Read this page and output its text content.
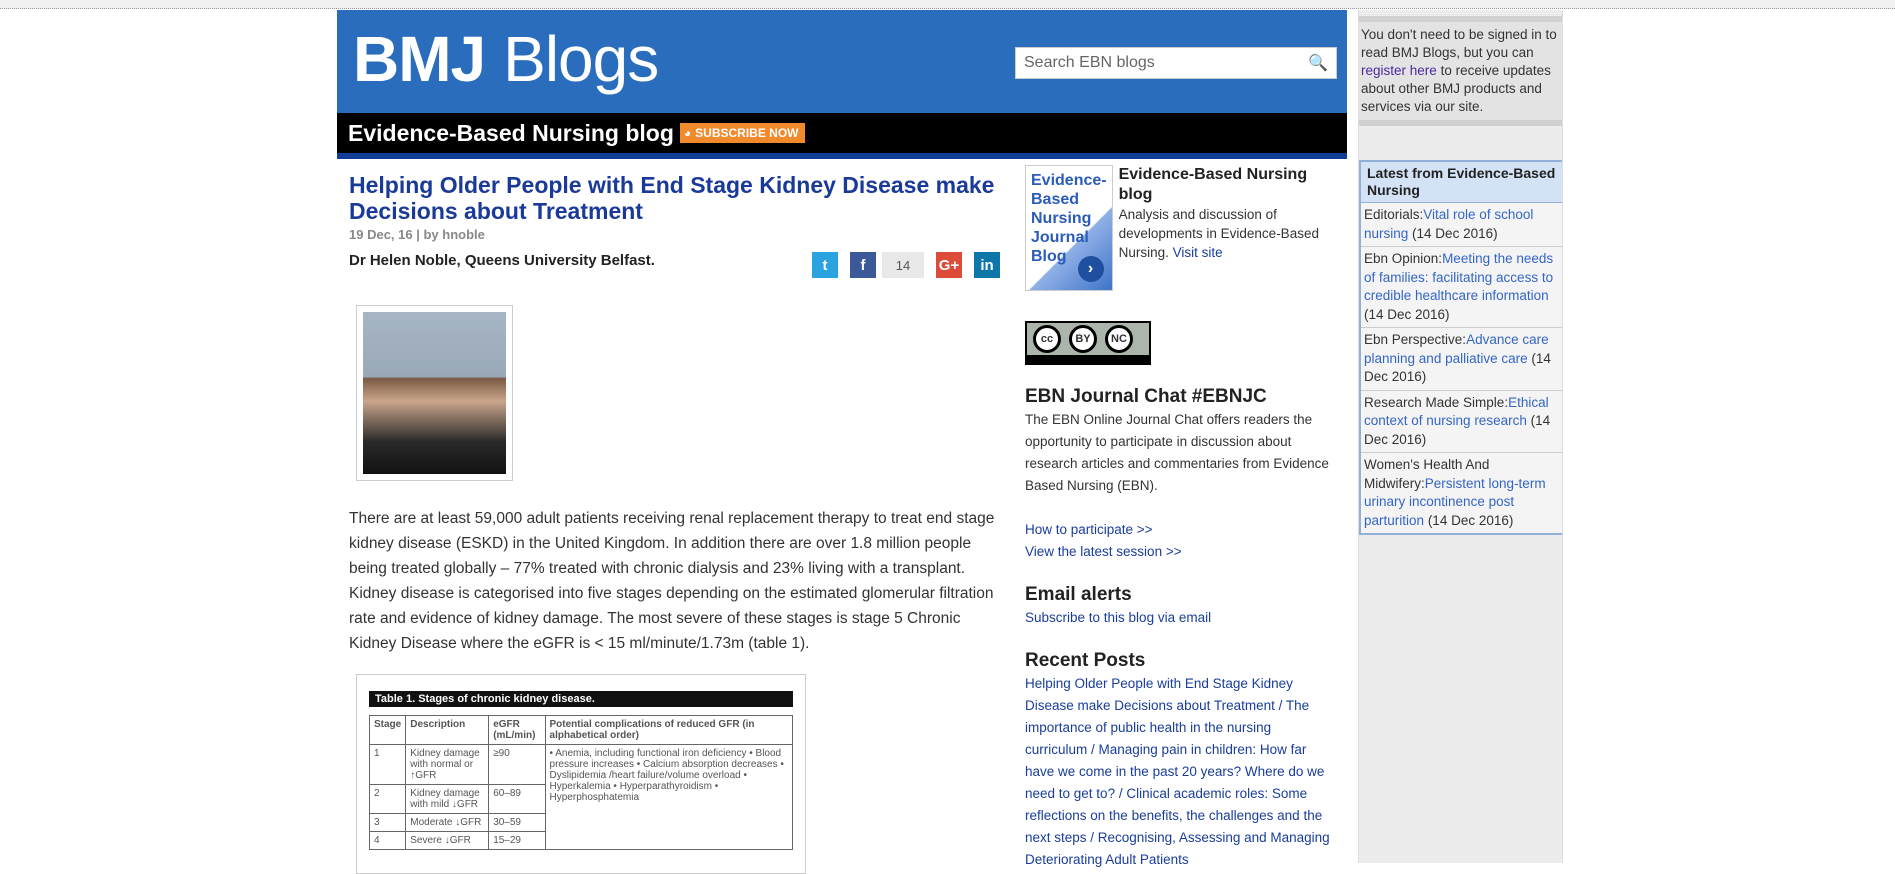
BMJ Blogs
Search EBN blogs	🔍
Evidence-Based Nursing blog ◕ SUBSCRIBE NOW
Helping Older People with End Stage Kidney Disease make Decisions about Treatment
19 Dec, 16 | by hnoble
Dr Helen Noble, Queens University Belfast.	t	f	14	G+	in

There are at least 59,000 adult patients receiving renal replacement therapy to treat end stage kidney disease (ESKD) in the United Kingdom. In addition there are over 1.8 million people being treated globally – 77% treated with chronic dialysis and 23% living with a transplant. Kidney disease is categorised into five stages depending on the estimated glomerular filtration rate and evidence of kidney damage. The most severe of these stages is stage 5 Chronic Kidney Disease where the eGFR is < 15 ml/minute/1.73m (table 1).

Table 1. Stages of chronic kidney disease.
Stage	Description	eGFR (mL/min)	Potential complications of reduced GFR (in alphabetical order)
1	Kidney damage with normal or ↑GFR	≥90	• Anemia, including functional iron deficiency • Blood pressure increases • Calcium absorption decreases • Dyslipidemia /heart failure/volume overload • Hyperkalemia • Hyperparathyroidism • Hyperphosphatemia
2	Kidney damage with mild ↓GFR	60–89	
3	Moderate ↓GFR	30–59	
4	Severe ↓GFR	15–29	
Evidence-Based Nursing Journal Blog
›
Evidence-Based Nursing blog
Analysis and discussion of developments in Evidence-Based Nursing. Visit site
cc	BY	NC
EBN Journal Chat #EBNJC

The EBN Online Journal Chat offers readers the opportunity to participate in discussion about research articles and commentaries from Evidence Based Nursing (EBN).

How to participate >>
View the latest session >>
Email alerts
Subscribe to this blog via email
Recent Posts
Helping Older People with End Stage Kidney Disease make Decisions about Treatment / The importance of public health in the nursing curriculum / Managing pain in children: How far have we come in the past 20 years? Where do we need to get to? / Clinical academic roles: Some reflections on the benefits, the challenges and the next steps / Recognising, Assessing and Managing Deteriorating Adult Patients
You don't need to be signed in to read BMJ Blogs, but you can register here to receive updates about other BMJ products and services via our site.
Latest from Evidence-Based Nursing
Editorials:Vital role of school nursing (14 Dec 2016)
Ebn Opinion:Meeting the needs of families: facilitating access to credible healthcare information (14 Dec 2016)
Ebn Perspective:Advance care planning and palliative care (14 Dec 2016)
Research Made Simple:Ethical context of nursing research (14 Dec 2016)
Women's Health And Midwifery:Persistent long-term urinary incontinence post parturition (14 Dec 2016)
